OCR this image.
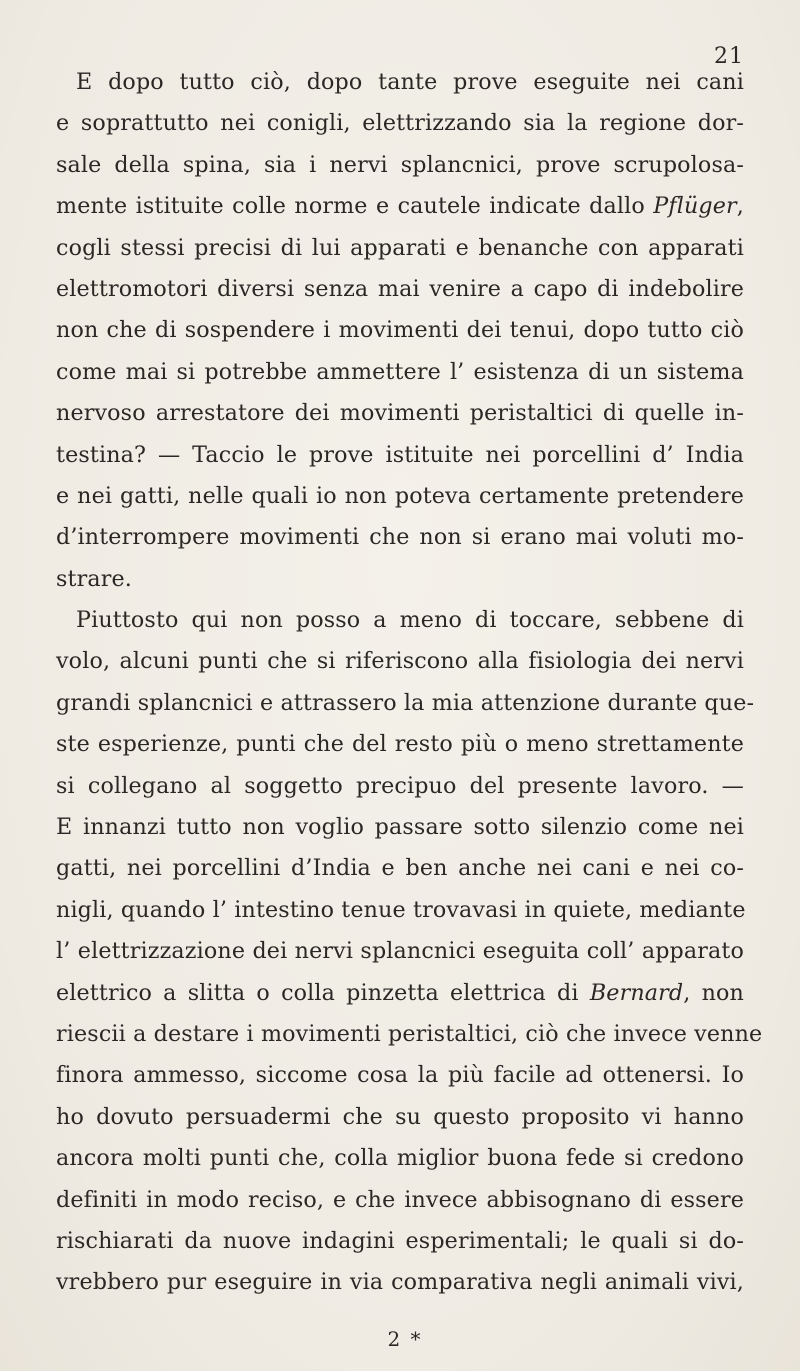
21
E dopo tutto ciò, dopo tante prove eseguite nei cani
e soprattutto nei conigli, elettrizzando sia la regione dor-
sale della spina, sia i nervi splancnici, prove scrupolosa-
mente istituite colle norme e cautele indicate dallo Pflüger,
cogli stessi precisi di lui apparati e benanche con apparati
elettromotori diversi senza mai venire a capo di indebolire
non che di sospendere i movimenti dei tenui, dopo tutto ciò
come mai si potrebbe ammettere l’ esistenza di un sistema
nervoso arrestatore dei movimenti peristaltici di quelle in-
testina? — Taccio le prove istituite nei porcellini d’ India
e nei gatti, nelle quali io non poteva certamente pretendere
d’interrompere movimenti che non si erano mai voluti mo-
strare.
Piuttosto qui non posso a meno di toccare, sebbene di
volo, alcuni punti che si riferiscono alla fisiologia dei nervi
grandi splancnici e attrassero la mia attenzione durante que-
ste esperienze, punti che del resto più o meno strettamente
si collegano al soggetto precipuo del presente lavoro. —
E innanzi tutto non voglio passare sotto silenzio come nei
gatti, nei porcellini d’India e ben anche nei cani e nei co-
nigli, quando l’ intestino tenue trovavasi in quiete, mediante
l’ elettrizzazione dei nervi splancnici eseguita coll’ apparato
elettrico a slitta o colla pinzetta elettrica di Bernard, non
riescii a destare i movimenti peristaltici, ciò che invece venne
finora ammesso, siccome cosa la più facile ad ottenersi. Io
ho dovuto persuadermi che su questo proposito vi hanno
ancora molti punti che, colla miglior buona fede si credono
definiti in modo reciso, e che invece abbisognano di essere
rischiarati da nuove indagini esperimentali; le quali si do-
vrebbero pur eseguire in via comparativa negli animali vivi,
2 *
